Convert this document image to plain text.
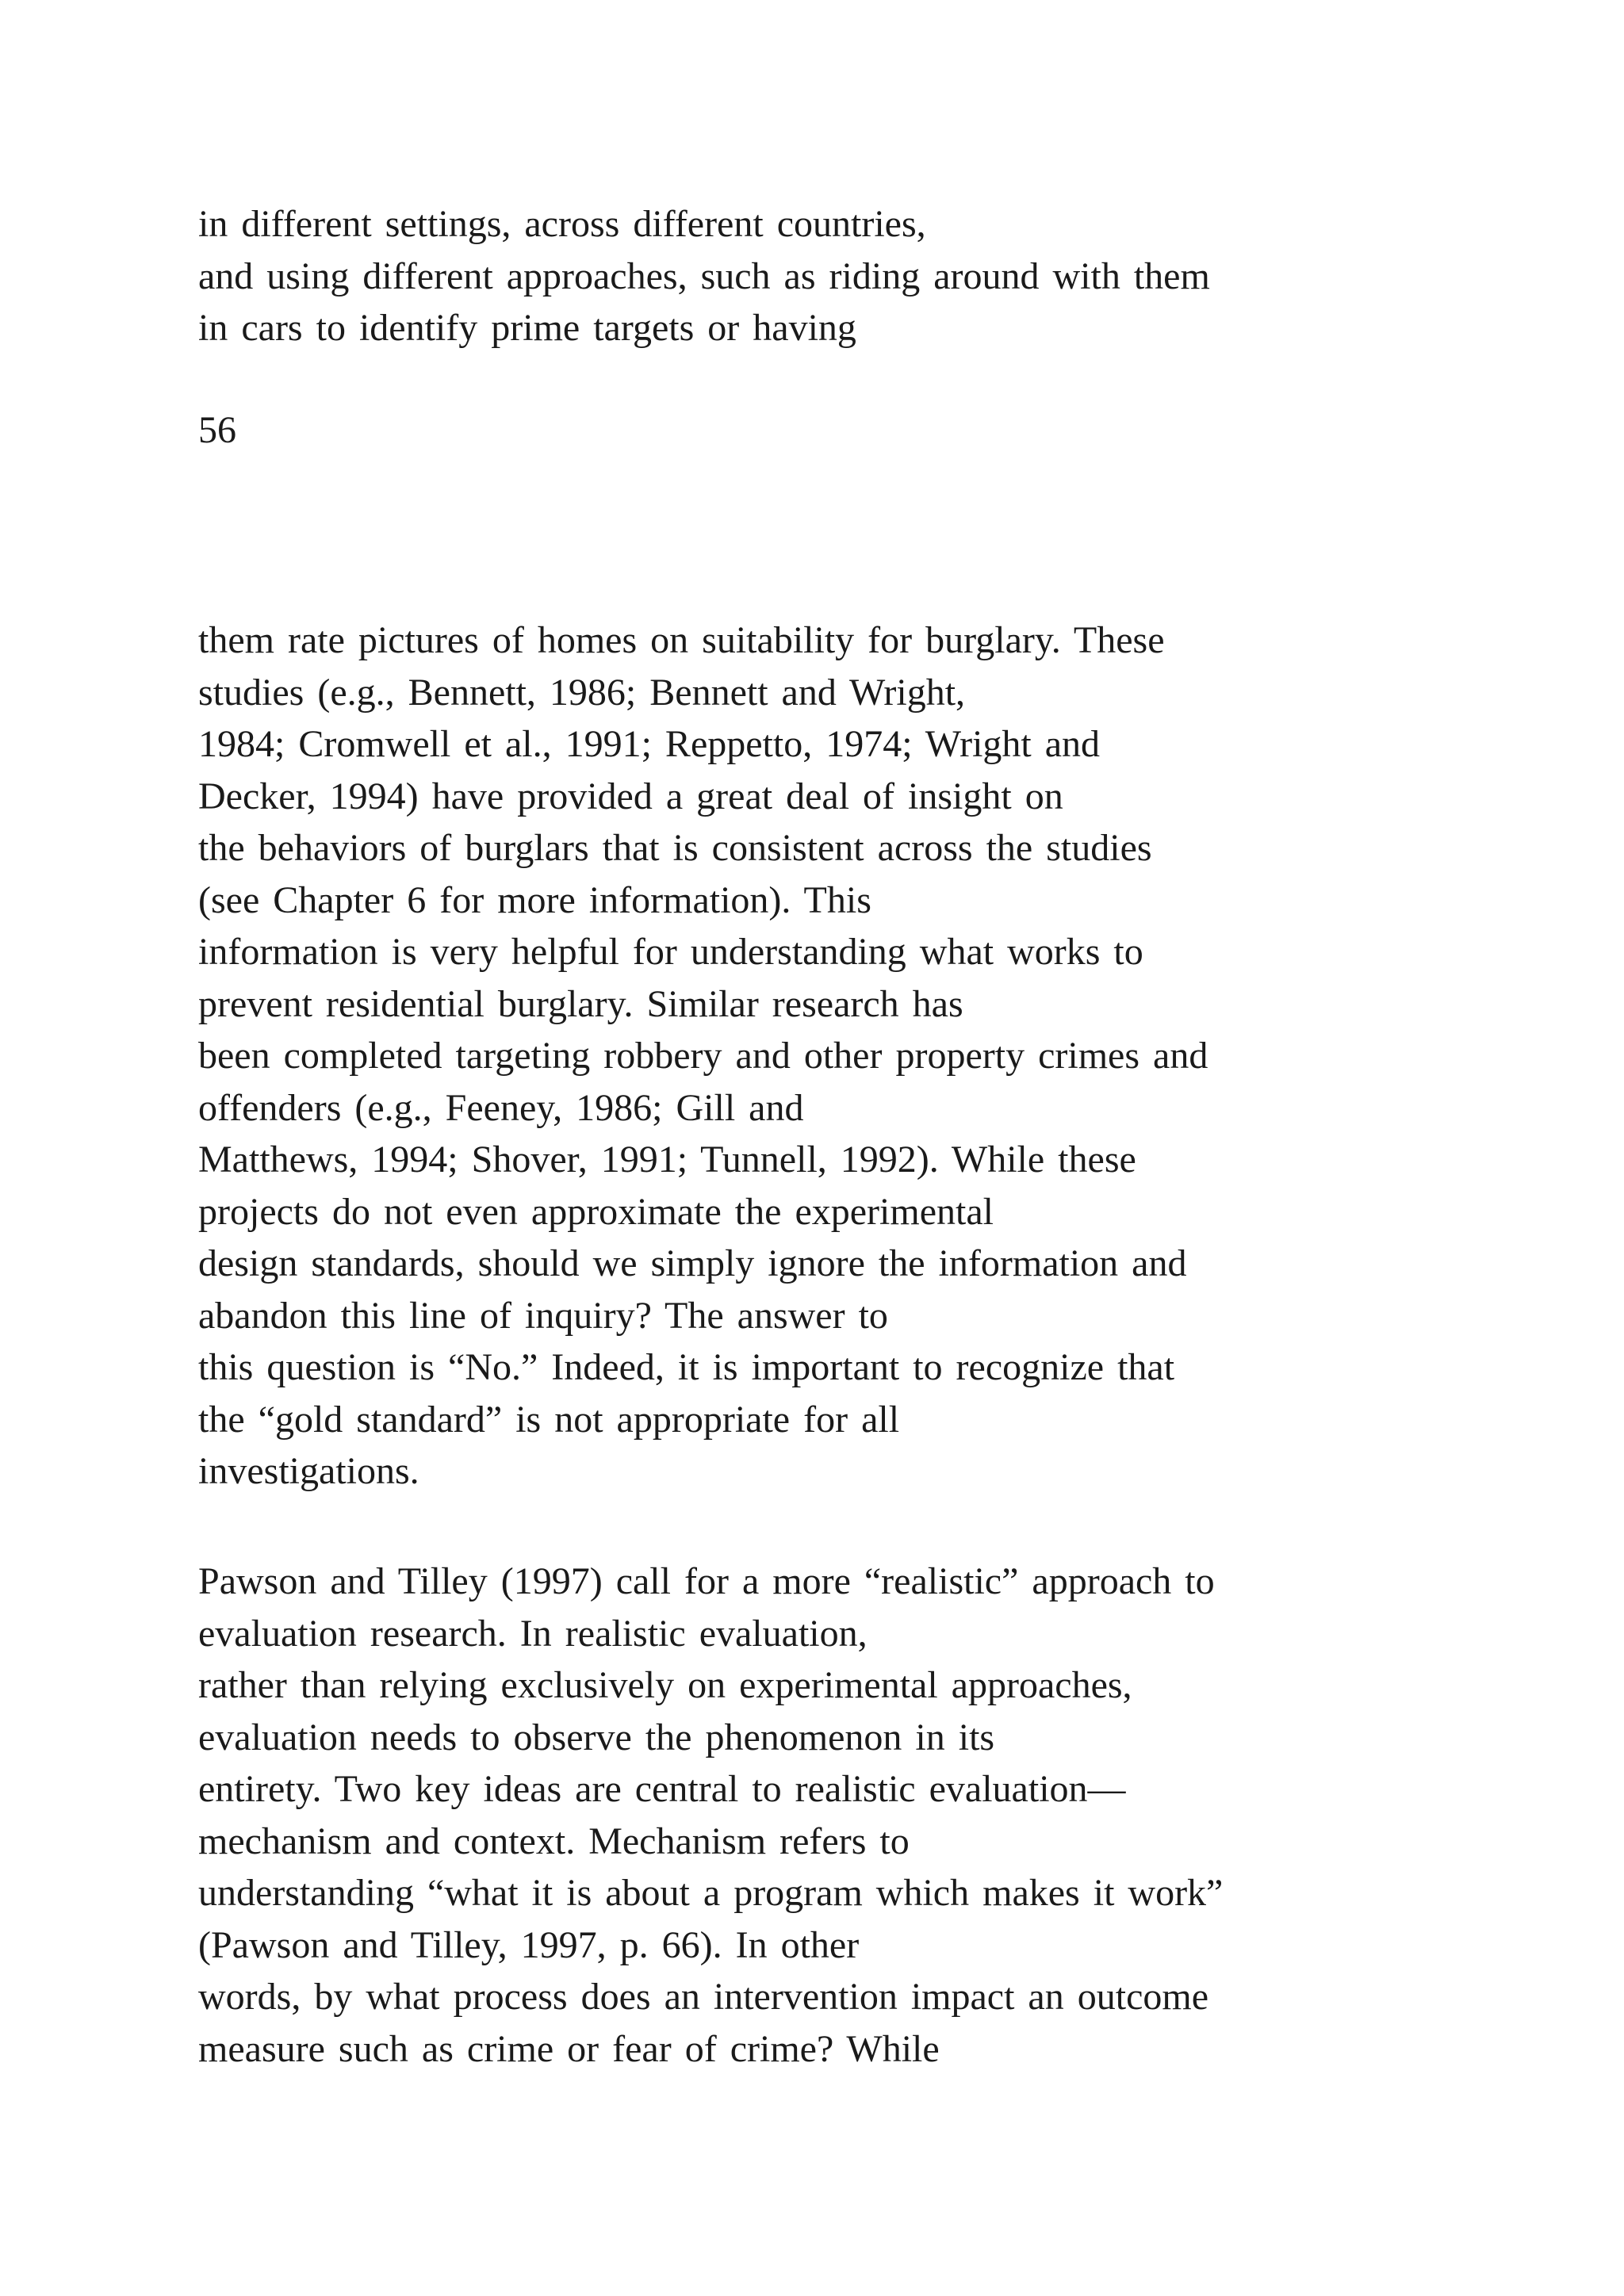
in different settings, across different countries,
and using different approaches, such as riding around with them
in cars to identify prime targets or having
56
them rate pictures of homes on suitability for burglary. These
studies (e.g., Bennett, 1986; Bennett and Wright,
1984; Cromwell et al., 1991; Reppetto, 1974; Wright and
Decker, 1994) have provided a great deal of insight on
the behaviors of burglars that is consistent across the studies
(see Chapter 6 for more information). This
information is very helpful for understanding what works to
prevent residential burglary. Similar research has
been completed targeting robbery and other property crimes and
offenders (e.g., Feeney, 1986; Gill and
Matthews, 1994; Shover, 1991; Tunnell, 1992). While these
projects do not even approximate the experimental
design standards, should we simply ignore the information and
abandon this line of inquiry? The answer to
this question is “No.” Indeed, it is important to recognize that
the “gold standard” is not appropriate for all
investigations.
Pawson and Tilley (1997) call for a more “realistic” approach to
evaluation research. In realistic evaluation,
rather than relying exclusively on experimental approaches,
evaluation needs to observe the phenomenon in its
entirety. Two key ideas are central to realistic evaluation—
mechanism and context. Mechanism refers to
understanding “what it is about a program which makes it work”
(Pawson and Tilley, 1997, p. 66). In other
words, by what process does an intervention impact an outcome
measure such as crime or fear of crime? While
